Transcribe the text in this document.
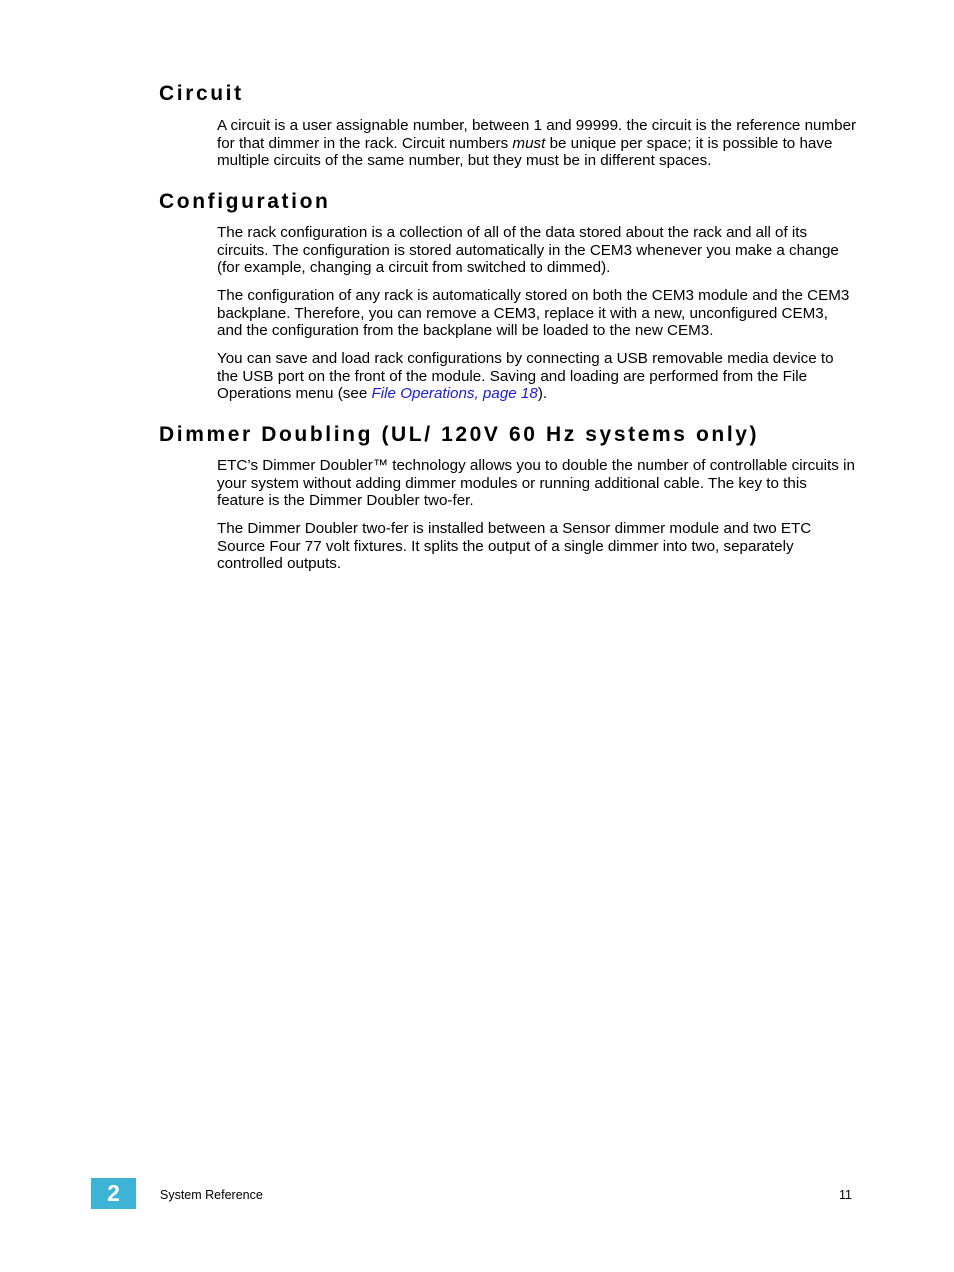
Circuit

A circuit is a user assignable number, between 1 and 99999. the circuit is the reference number for that dimmer in the rack. Circuit numbers must be unique per space; it is possible to have multiple circuits of the same number, but they must be in different spaces.

Configuration

The rack configuration is a collection of all of the data stored about the rack and all of its circuits. The configuration is stored automatically in the CEM3 whenever you make a change (for example, changing a circuit from switched to dimmed).

The configuration of any rack is automatically stored on both the CEM3 module and the CEM3 backplane. Therefore, you can remove a CEM3, replace it with a new, unconfigured CEM3, and the configuration from the backplane will be loaded to the new CEM3.

You can save and load rack configurations by connecting a USB removable media device to the USB port on the front of the module. Saving and loading are performed from the File Operations menu (see File Operations, page 18).

Dimmer Doubling (UL/ 120V 60 Hz systems only)

ETC’s Dimmer Doubler™ technology allows you to double the number of controllable circuits in your system without adding dimmer modules or running additional cable. The key to this feature is the Dimmer Doubler two-fer.

The Dimmer Doubler two-fer is installed between a Sensor dimmer module and two ETC Source Four 77 volt fixtures. It splits the output of a single dimmer into two, separately controlled outputs.

2	System Reference	11
